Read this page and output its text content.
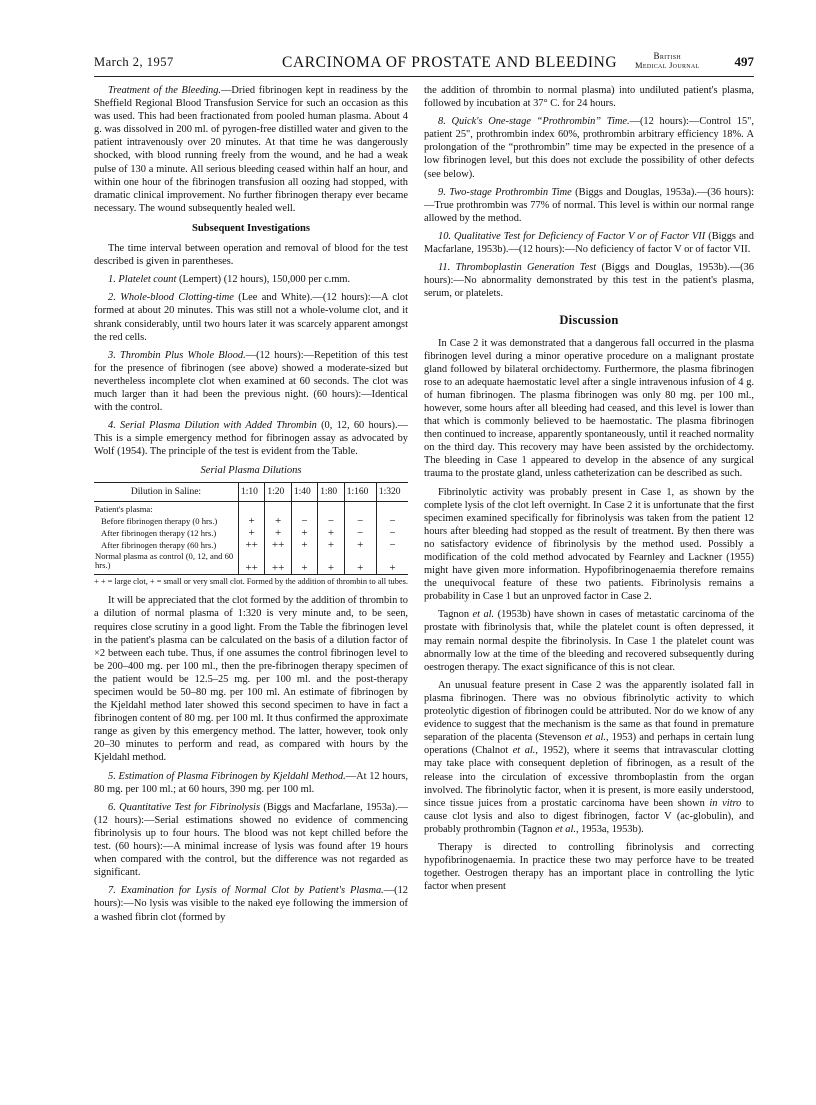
March 2, 1957	CARCINOMA OF PROSTATE AND BLEEDING	British
Medical Journal	497

Treatment of the Bleeding.—Dried fibrinogen kept in readiness by the Sheffield Regional Blood Transfusion Service for such an occasion as this was used. This had been fractionated from pooled human plasma. About 4 g. was dissolved in 200 ml. of pyrogen-free distilled water and given to the patient intravenously over 20 minutes. At that time he was dangerously shocked, with blood running freely from the wound, and he had a weak pulse of 130 a minute. All serious bleeding ceased within half an hour, and within one hour of the fibrinogen transfusion all oozing had stopped, with dramatic clinical improvement. No further fibrinogen therapy ever became necessary. The wound subsequently healed well.

Subsequent Investigations

The time interval between operation and removal of blood for the test described is given in parentheses.

1. Platelet count (Lempert) (12 hours), 150,000 per c.mm.

2. Whole-blood Clotting-time (Lee and White).—(12 hours):—A clot formed at about 20 minutes. This was still not a whole-volume clot, and it shrank considerably, until two hours later it was scarcely apparent amongst the red cells.

3. Thrombin Plus Whole Blood.—(12 hours):—Repetition of this test for the presence of fibrinogen (see above) showed a moderate-sized but nevertheless incomplete clot when examined at 60 seconds. The clot was much larger than it had been the previous night. (60 hours):—Identical with the control.

4. Serial Plasma Dilution with Added Thrombin (0, 12, 60 hours).—This is a simple emergency method for fibrinogen assay as advocated by Wolf (1954). The principle of the test is evident from the Table.

Serial Plasma Dilutions
Dilution in Saline:	1:10	1:20	1:40	1:80	1:160	1:320
Patient's plasma:						

Before fibrinogen therapy (0 hrs.)	+	+	−	−	−	−

After fibrinogen therapy (12 hrs.)	+	+	+	+	−	−

After fibrinogen therapy (60 hrs.)	++	++	+	+	+	−
Normal plasma as control (0, 12, and 60 hrs.)	++	++	+	+	+	+
+ + = large clot, + = small or very small clot. Formed by the addition of thrombin to all tubes.

It will be appreciated that the clot formed by the addition of thrombin to a dilution of normal plasma of 1:320 is very minute and, to be seen, requires close scrutiny in a good light. From the Table the fibrinogen level in the patient's plasma can be calculated on the basis of a dilution factor of ×2 between each tube. Thus, if one assumes the control fibrinogen level to be 200–400 mg. per 100 ml., then the pre-fibrinogen therapy specimen of the patient would be 12.5–25 mg. per 100 ml. and the post-therapy specimen would be 50–80 mg. per 100 ml. An estimate of fibrinogen by the Kjeldahl method later showed this second specimen to have in fact a fibrinogen content of 80 mg. per 100 ml. It thus confirmed the approximate range as given by this emergency method. The latter, however, took only 20–30 minutes to perform and read, as compared with hours by the Kjeldahl method.

5. Estimation of Plasma Fibrinogen by Kjeldahl Method.—At 12 hours, 80 mg. per 100 ml.; at 60 hours, 390 mg. per 100 ml.

6. Quantitative Test for Fibrinolysis (Biggs and Macfarlane, 1953a).—(12 hours):—Serial estimations showed no evidence of commencing fibrinolysis up to four hours. The blood was not kept chilled before the test. (60 hours):—A minimal increase of lysis was found after 19 hours when compared with the control, but the difference was not regarded as significant.

7. Examination for Lysis of Normal Clot by Patient's Plasma.—(12 hours):—No lysis was visible to the naked eye following the immersion of a washed fibrin clot (formed by

the addition of thrombin to normal plasma) into undiluted patient's plasma, followed by incubation at 37° C. for 24 hours.

8. Quick's One-stage “Prothrombin” Time.—(12 hours):—Control 15", patient 25", prothrombin index 60%, prothrombin arbitrary efficiency 18%. A prolongation of the “prothrombin” time may be expected in the presence of a low fibrinogen level, but this does not exclude the possibility of other defects (see below).

9. Two-stage Prothrombin Time (Biggs and Douglas, 1953a).—(36 hours):—True prothrombin was 77% of normal. This level is within our normal range allowed by the method.

10. Qualitative Test for Deficiency of Factor V or of Factor VII (Biggs and Macfarlane, 1953b).—(12 hours):—No deficiency of factor V or of factor VII.

11. Thromboplastin Generation Test (Biggs and Douglas, 1953b).—(36 hours):—No abnormality demonstrated by this test in the patient's plasma, serum, or platelets.

Discussion

In Case 2 it was demonstrated that a dangerous fall occurred in the plasma fibrinogen level during a minor operative procedure on a malignant prostate gland followed by bilateral orchidectomy. Furthermore, the plasma fibrinogen rose to an adequate haemostatic level after a single intravenous infusion of 4 g. of human fibrinogen. The plasma fibrinogen was only 80 mg. per 100 ml., however, some hours after all bleeding had ceased, and this level is lower than that which is commonly believed to be haemostatic. The plasma fibrinogen then continued to increase, apparently spontaneously, until it reached normality on the third day. This recovery may have been assisted by the orchidectomy. The bleeding in Case 1 appeared to develop in the absence of any surgical trauma to the prostate gland, unless catheterization can be described as such.

Fibrinolytic activity was probably present in Case 1, as shown by the complete lysis of the clot left overnight. In Case 2 it is unfortunate that the first specimen examined specifically for fibrinolysis was taken from the patient 12 hours after bleeding had stopped as the result of treatment. By then there was no satisfactory evidence of fibrinolysis by the method used. Possibly a modification of the cold method advocated by Fearnley and Lackner (1955) might have given more information. Hypofibrinogenaemia therefore remains the unequivocal feature of these two patients. Fibrinolysis remains a probability in Case 1 but an unproved factor in Case 2.

Tagnon et al. (1953b) have shown in cases of metastatic carcinoma of the prostate with fibrinolysis that, while the platelet count is often depressed, it may remain normal despite the fibrinolysis. In Case 1 the platelet count was abnormally low at the time of the bleeding and recovered subsequently during oestrogen therapy. The exact significance of this is not clear.

An unusual feature present in Case 2 was the apparently isolated fall in plasma fibrinogen. There was no obvious fibrinolytic activity to which proteolytic digestion of fibrinogen could be attributed. Nor do we know of any evidence to suggest that the mechanism is the same as that found in premature separation of the placenta (Stevenson et al., 1953) and perhaps in certain lung operations (Chalnot et al., 1952), where it seems that intravascular clotting may take place with consequent depletion of fibrinogen, as a result of the release into the circulation of excessive thromboplastin from the organ involved. The fibrinolytic factor, when it is present, is more easily understood, since tissue juices from a prostatic carcinoma have been shown in vitro to cause clot lysis and also to digest fibrinogen, factor V (ac-globulin), and probably prothrombin (Tagnon et al., 1953a, 1953b).

Therapy is directed to controlling fibrinolysis and correcting hypofibrinogenaemia. In practice these two may perforce have to be treated together. Oestrogen therapy has an important place in controlling the lytic factor when present
